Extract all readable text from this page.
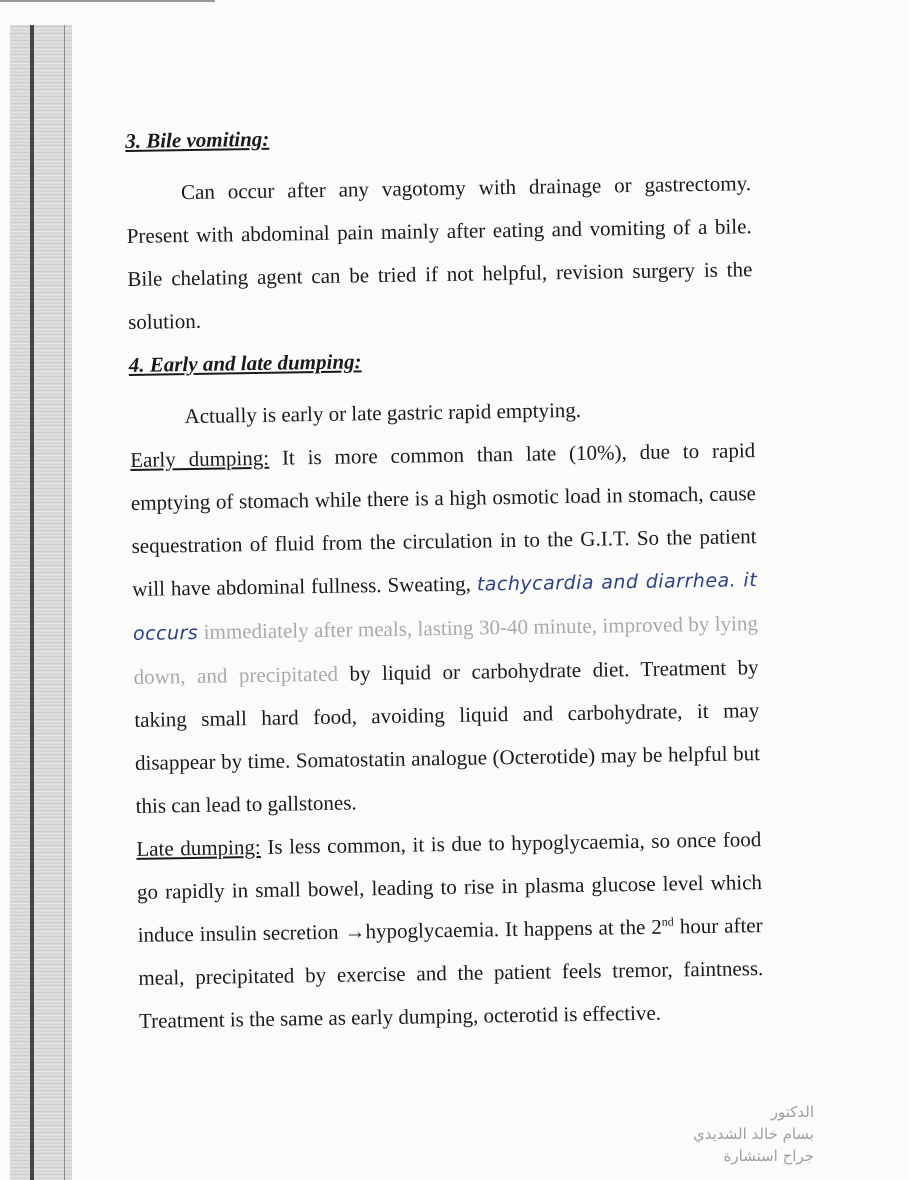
3. Bile vomiting:

Can occur after any vagotomy with drainage or gastrectomy. Present with abdominal pain mainly after eating and vomiting of a bile. Bile chelating agent can be tried if not helpful, revision surgery is the solution.

4. Early and late dumping:

Actually is early or late gastric rapid emptying.

Early dumping: It is more common than late (10%), due to rapid emptying of stomach while there is a high osmotic load in stomach, cause sequestration of fluid from the circulation in to the G.I.T. So the patient will have abdominal fullness. Sweating, tachycardia and diarrhea. it occurs immediately after meals, lasting 30-40 minute, improved by lying down, and precipitated by liquid or carbohydrate diet. Treatment by taking small hard food, avoiding liquid and carbohydrate, it may disappear by time. Somatostatin analogue (Octerotide) may be helpful but this can lead to gallstones.

Late dumping: Is less common, it is due to hypoglycaemia, so once food go rapidly in small bowel, leading to rise in plasma glucose level which induce insulin secretion →hypoglycaemia. It happens at the 2nd hour after meal, precipitated by exercise and the patient feels tremor, faintness. Treatment is the same as early dumping, octerotid is effective.

الدكتور
بسام خالد الشديدي
جراح استشارة
